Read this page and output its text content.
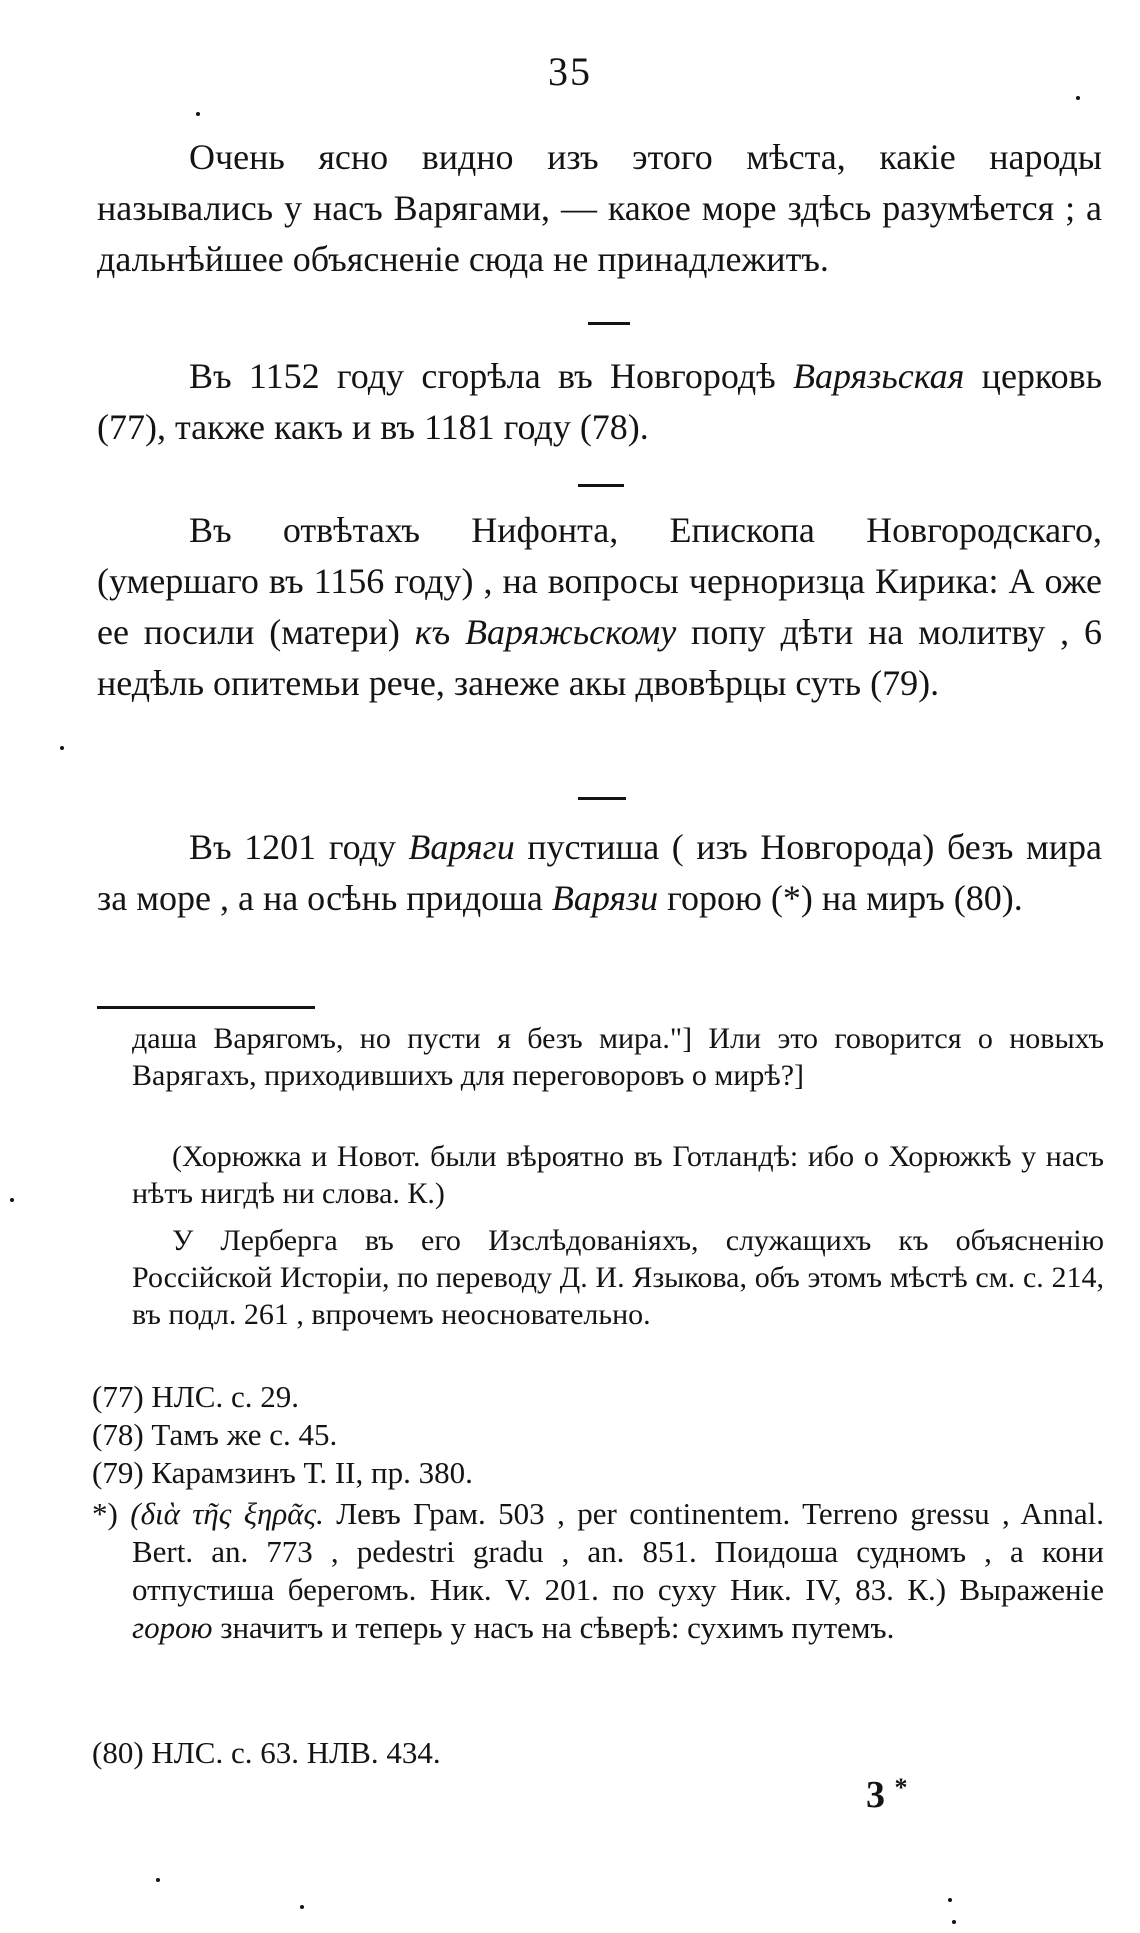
35

Очень ясно видно изъ этого мѣста, какіе народы назывались у насъ Варягами, — какое море здѣсь разумѣется ; а дальнѣйшее объясненіе сюда не принадлежитъ.

Въ 1152 году сгорѣла въ Новгородѣ Варязьская церковь (77), также какъ и въ 1181 году (78).

Въ отвѣтахъ Нифонта, Епископа Новгородскаго, (умершаго въ 1156 году) , на вопросы черноризца Кирика: А оже ее посили (матери) къ Варяжьскому попу дѣти на молитву , 6 недѣль опитемьи рече, занеже акы двовѣрцы суть (79).

Въ 1201 году Варяги пустиша ( изъ Новгорода) безъ мира за море , а на осѣнь придоша Варязи горою (*) на миръ (80).

даша Варягомъ, но пусти я безъ мира."] Или это говорится о новыхъ Варягахъ, приходившихъ для переговоровъ о мирѣ?]

(Хорюжка и Новот. были вѣроятно въ Готландѣ: ибо о Хорюжкѣ у насъ нѣтъ нигдѣ ни слова. К.)

У Лерберга въ его Изслѣдованіяхъ, служащихъ къ объясненію Россійской Исторіи, по переводу Д. И. Языкова, объ этомъ мѣстѣ см. с. 214, въ подл. 261 , впрочемъ неосновательно.

(77) НЛС. с. 29.

(78) Тамъ же с. 45.

(79) Карамзинъ Т. II, пр. 380.

*) (διὰ τῆς ξηρᾶς. Левъ Грам. 503 , per continentem. Terreno gressu , Annal. Bert. an. 773 , pedestri gradu , an. 851. Поидоша судномъ , а кони отпустиша берегомъ. Ник. V. 201. по суху Ник. IV, 83. К.) Выраженіе горою значитъ и теперь у насъ на сѣверѣ: сухимъ путемъ.

(80) НЛС. с. 63. НЛВ. 434.

3 *
